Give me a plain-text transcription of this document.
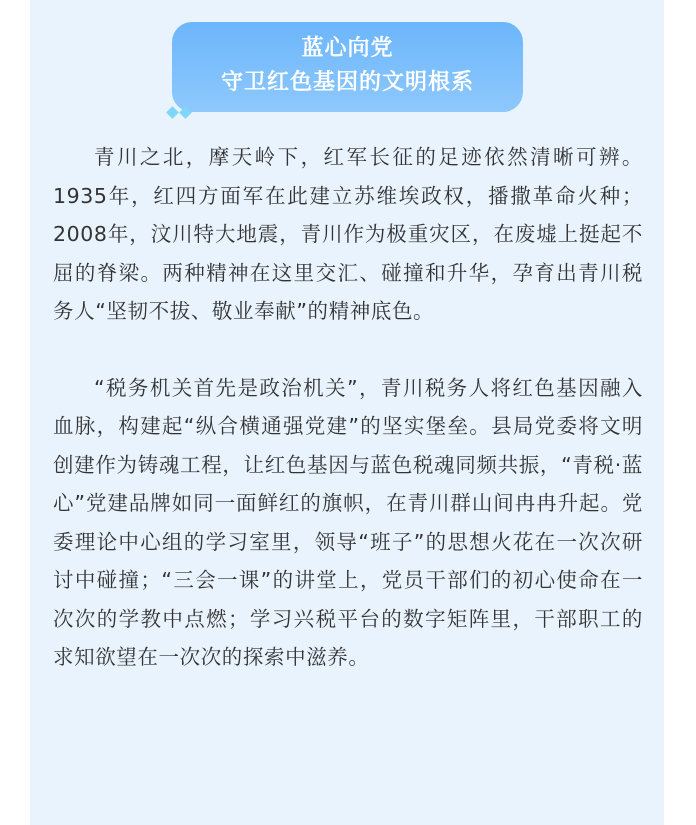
蓝心向党
守卫红色基因的文明根系

青川之北，摩天岭下，红军长征的足迹依然清晰可辨。1935年，红四方面军在此建立苏维埃政权，播撒革命火种；2008年，汶川特大地震，青川作为极重灾区，在废墟上挺起不屈的脊梁。两种精神在这里交汇、碰撞和升华，孕育出青川税务人“坚韧不拔、敬业奉献”的精神底色。

“税务机关首先是政治机关”，青川税务人将红色基因融入血脉，构建起“纵合横通强党建”的坚实堡垒。县局党委将文明创建作为铸魂工程，让红色基因与蓝色税魂同频共振，“青税·蓝心”党建品牌如同一面鲜红的旗帜，在青川群山间冉冉升起。党委理论中心组的学习室里，领导“班子”的思想火花在一次次研讨中碰撞；“三会一课”的讲堂上，党员干部们的初心使命在一次次的学教中点燃；学习兴税平台的数字矩阵里，干部职工的求知欲望在一次次的探索中滋养。
